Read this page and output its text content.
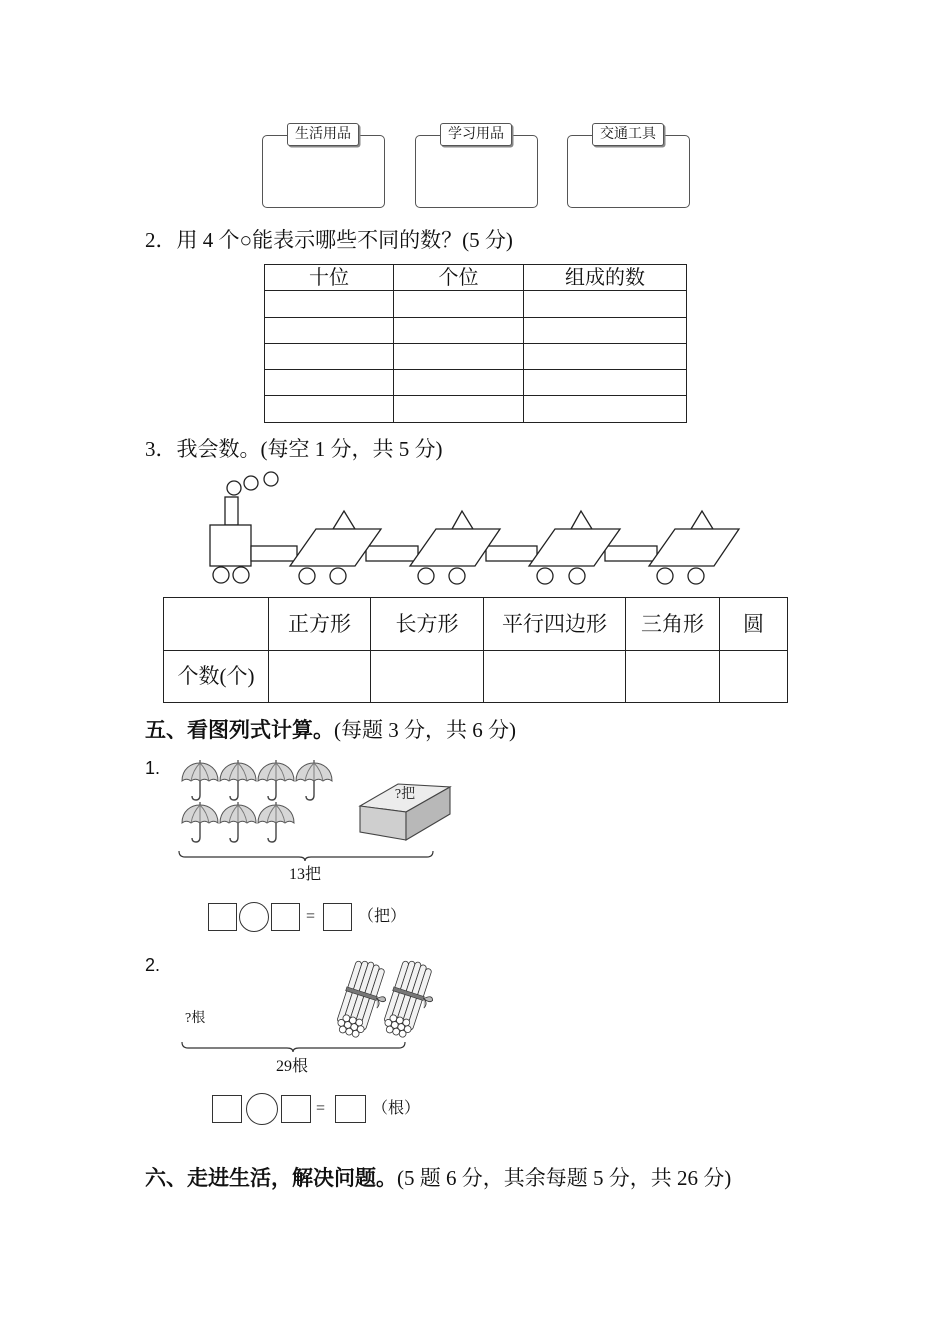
生活用品	学习用品	交通工具
2．用 4 个○能表示哪些不同的数？(5 分)
十位	个位	组成的数

3．我会数。(每空 1 分，共 5 分)
	正方形	长方形	平行四边形	三角形	圆
个数(个)					
五、看图列式计算。(每题 3 分，共 6 分)
1.
?把
13把
=	（把）
2.
?根
29根
=	（根）
六、走进生活，解决问题。(5 题 6 分，其余每题 5 分，共 26 分)
